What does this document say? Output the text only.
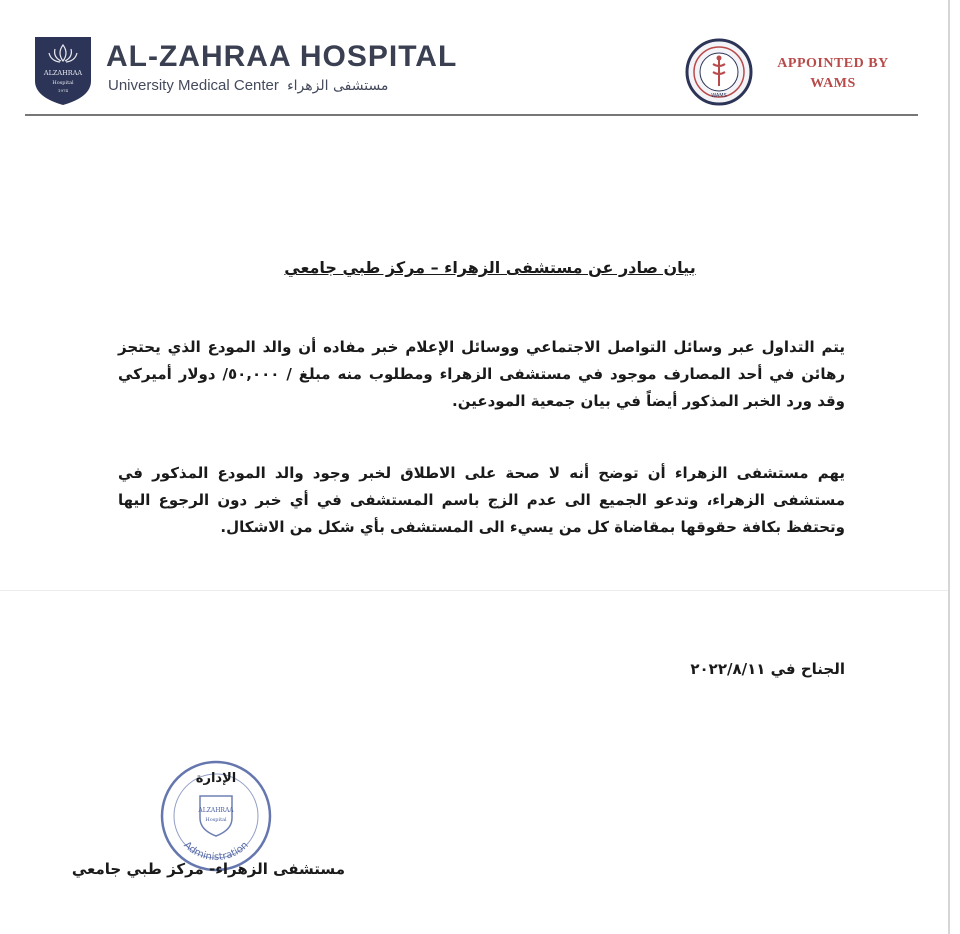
ALZAHRAA
Hospital
1974
AL-ZAHRAA HOSPITAL
University Medical Center مستشفى الزهراء
WAMS
APPOINTED BY
WAMS
بيان صادر عن مستشفى الزهراء – مركز طبي جامعي
يتم التداول عبر وسائل التواصل الاجتماعي ووسائل الإعلام خبر مفاده أن والد المودع الذي يحتجز رهائن في أحد المصارف موجود في مستشفى الزهراء ومطلوب منه مبلغ / ٥٠,٠٠٠/ دولار أميركي وقد ورد الخبر المذكور أيضاً في بيان جمعية المودعين.
يهم مستشفى الزهراء أن توضح أنه لا صحة على الاطلاق لخبر وجود والد المودع المذكور في مستشفى الزهراء، وتدعو الجميع الى عدم الزج باسم المستشفى في أي خبر دون الرجوع اليها وتحتفظ بكافة حقوقها بمقاضاة كل من يسيء الى المستشفى بأي شكل من الاشكال.
الجناح في ٢٠٢٢/٨/١١
الإدارة
ALZAHRAA
Hospital
Administration
مستشفى الزهراء- مركز طبي جامعي
